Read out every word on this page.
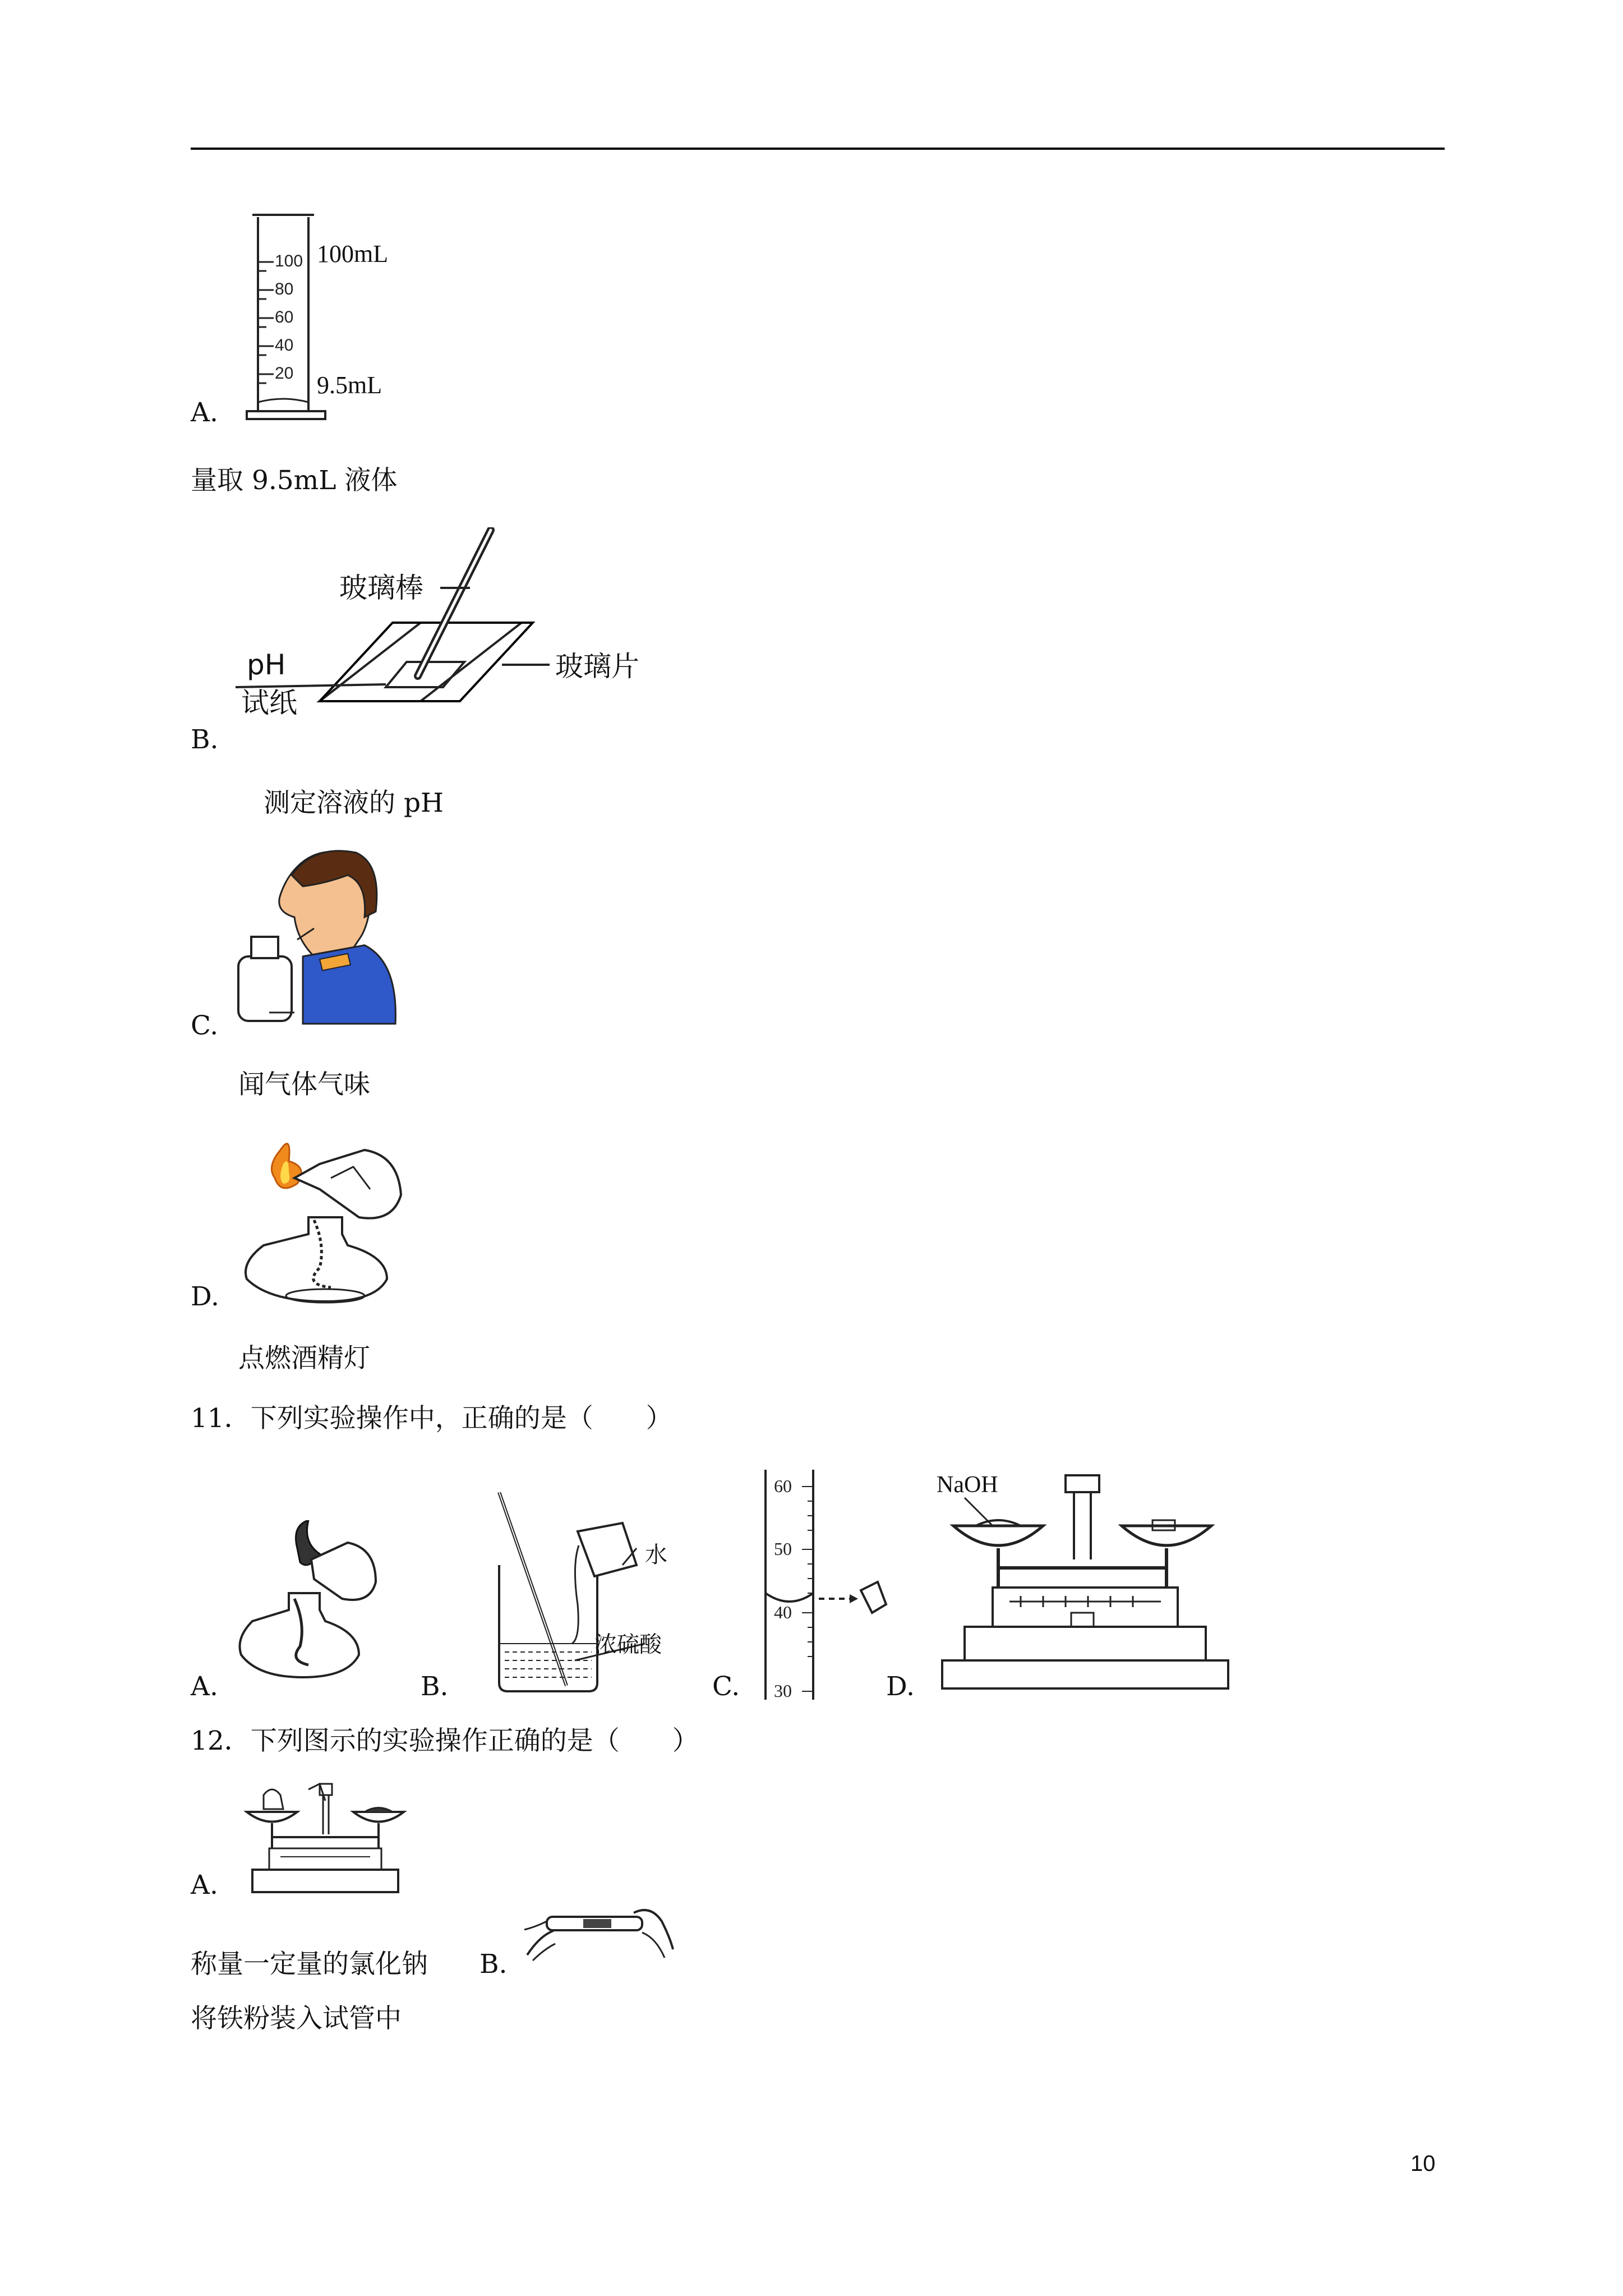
100
80
60
40
20
100mL
9.5mL
A.
量取 9.5mL 液体
玻璃棒
玻璃片
pH
试纸
B.
测定溶液的 pH
C.
闻气体气味
D.
点燃酒精灯
11．下列实验操作中，正确的是（　　）
A.
水
浓硫酸
B.
60
50
40
30
C.
NaOH
D.
12．下列图示的实验操作正确的是（　　）
A.
称量一定量的氯化钠 B.
将铁粉装入试管中
10
